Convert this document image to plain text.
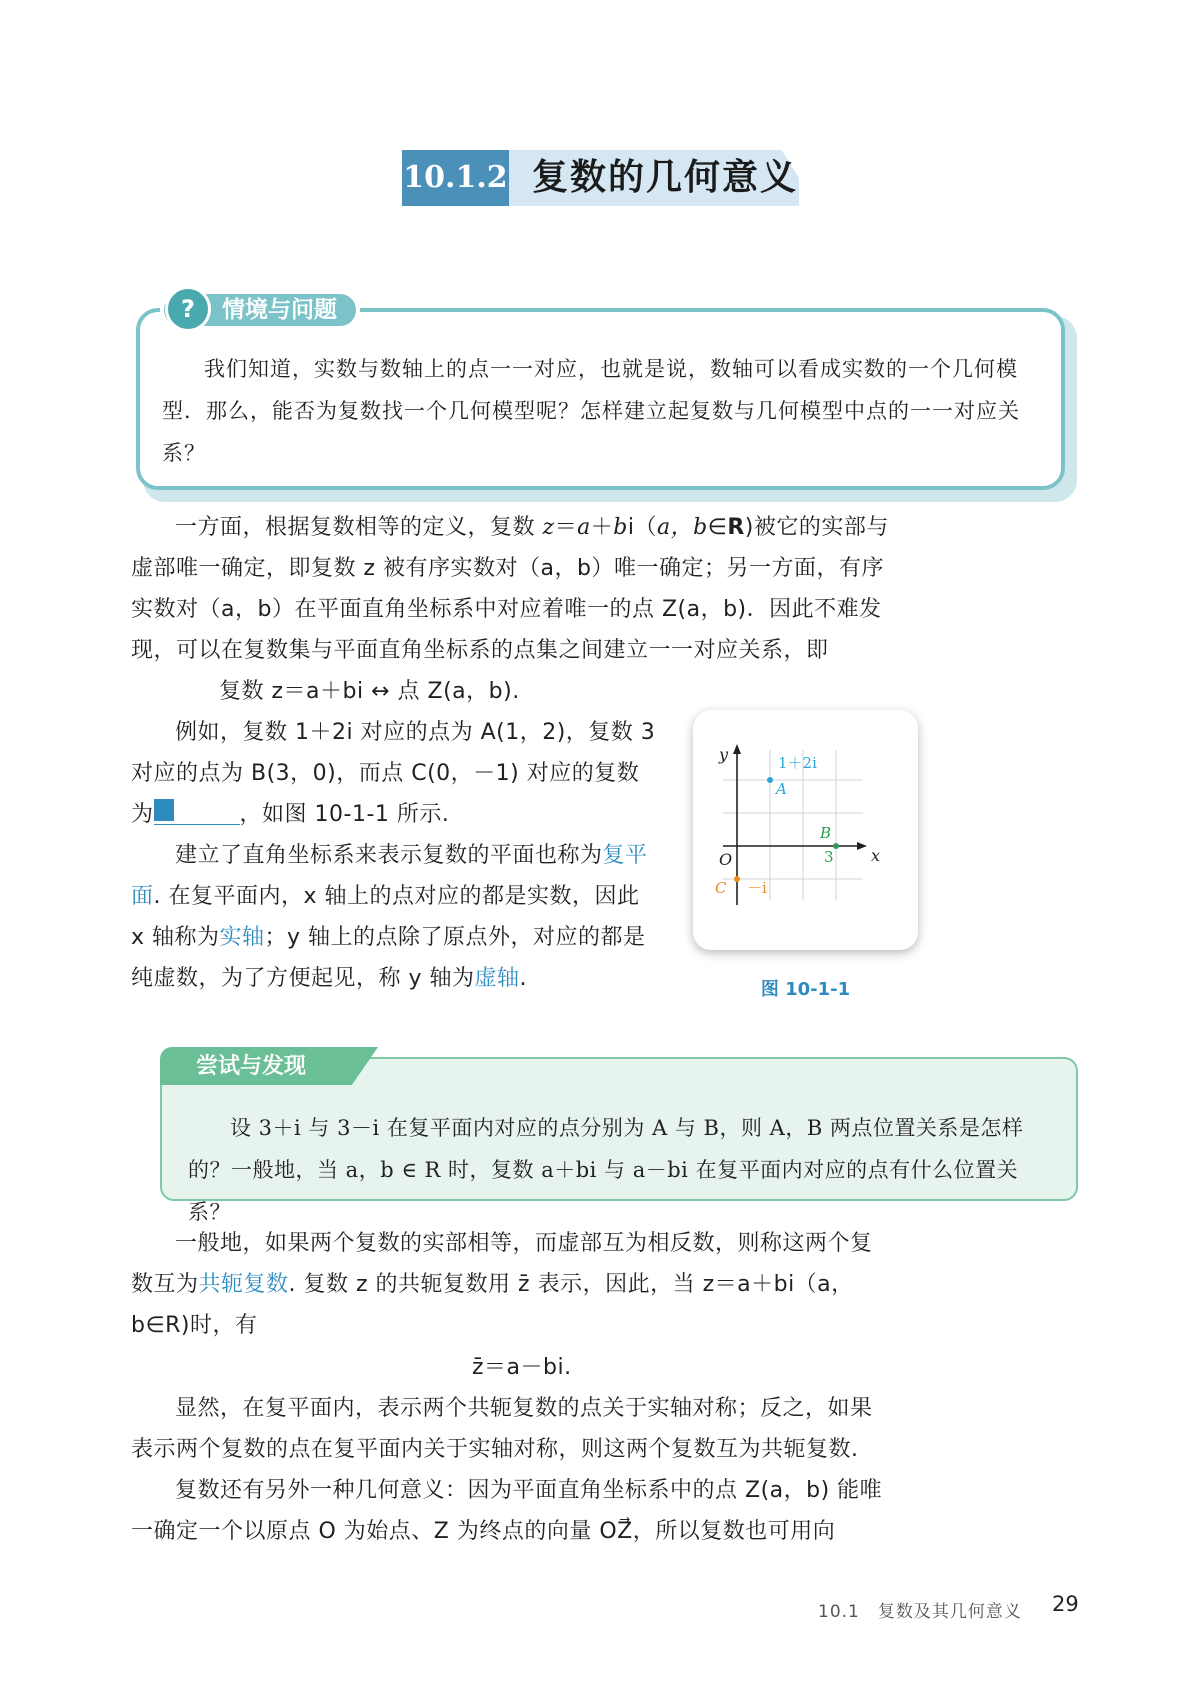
10.1.2 复数的几何意义
?	情境与问题
我们知道，实数与数轴上的点一一对应，也就是说，数轴可以看成实数的一个几何模型．那么，能否为复数找一个几何模型呢？怎样建立起复数与几何模型中点的一一对应关系？
一方面，根据复数相等的定义，复数 z＝a＋bi（a，b∈R)被它的实部与虚部唯一确定，即复数 z 被有序实数对（a，b）唯一确定；另一方面，有序实数对（a，b）在平面直角坐标系中对应着唯一的点 Z(a，b)．因此不难发现，可以在复数集与平面直角坐标系的点集之间建立一一对应关系，即
复数 z＝a＋bi ↔ 点 Z(a，b).
例如，复数 1＋2i 对应的点为 A(1，2)，复数 3 对应的点为 B(3，0)，而点 C(0，－1) 对应的复数为	1 ，如图 10-1-1 所示.
建立了直角坐标系来表示复数的平面也称为复平面. 在复平面内，x 轴上的点对应的都是实数，因此 x 轴称为实轴；y 轴上的点除了原点外，对应的都是纯虚数，为了方便起见，称 y 轴为虚轴.
x
y
O
1＋2i
A
3
B
－i
C
图 10-1-1
尝试与发现
设 3＋i 与 3－i 在复平面内对应的点分别为 A 与 B，则 A，B 两点位置关系是怎样的？一般地，当 a，b ∈ R 时，复数 a＋bi 与 a－bi 在复平面内对应的点有什么位置关系？
一般地，如果两个复数的实部相等，而虚部互为相反数，则称这两个复数互为共轭复数. 复数 z 的共轭复数用 z̄ 表示，因此，当 z＝a＋bi（a，b∈R)时，有
z̄＝a－bi.
显然，在复平面内，表示两个共轭复数的点关于实轴对称；反之，如果表示两个复数的点在复平面内关于实轴对称，则这两个复数互为共轭复数.
复数还有另外一种几何意义：因为平面直角坐标系中的点 Z(a，b) 能唯一确定一个以原点 O 为始点、Z 为终点的向量 OZ⃗，所以复数也可用向
10.1　复数及其几何意义 29
